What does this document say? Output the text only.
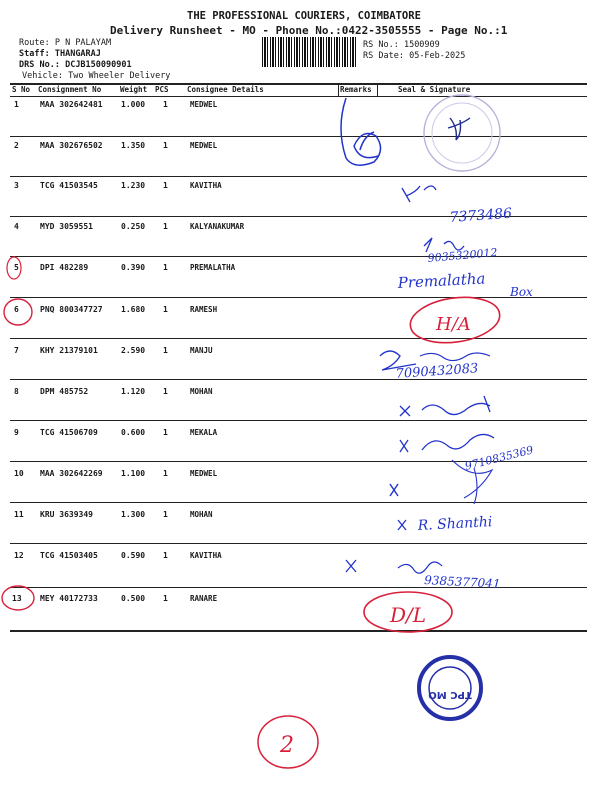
THE PROFESSIONAL COURIERS, COIMBATORE
Delivery Runsheet - MO - Phone No.:0422-3505555 - Page No.:1
Route: P N PALAYAM
Staff: THANGARAJ
DRS No.: DCJB150090901
Vehicle: Two Wheeler Delivery
RS No.: 1500909
RS Date: 05-Feb-2025
S No Consignment No	Weight PCS Consignee Details	Remarks	Seal & Signature
1	MAA 302642481 1.000 1	MEDWEL
2	MAA 302676502 1.350 1	MEDWEL
3	TCG 41503545	1.230 1	KAVITHA
4	MYD 3059551	0.250 1	KALYANAKUMAR
5	DPI 482289	0.390 1	PREMALATHA
6	PNQ 800347727 1.680 1	RAMESH
7	KHY 21379101	2.590 1	MANJU
8	DPM 485752	1.120 1	MOHAN
9	TCG 41506709	0.600 1	MEKALA
10 MAA 302642269 1.100 1	MEDWEL
11 KRU 3639349	1.300 1	MOHAN
12 TCG 41503405	0.590 1	KAVITHA
13 MEY 40172733	0.500 1	RANARE
7373486
9035320012
Premalatha
Box
H/A
7090432083
9710835369
R. Shanthi
9385377041
D/L
TPC MO
2
